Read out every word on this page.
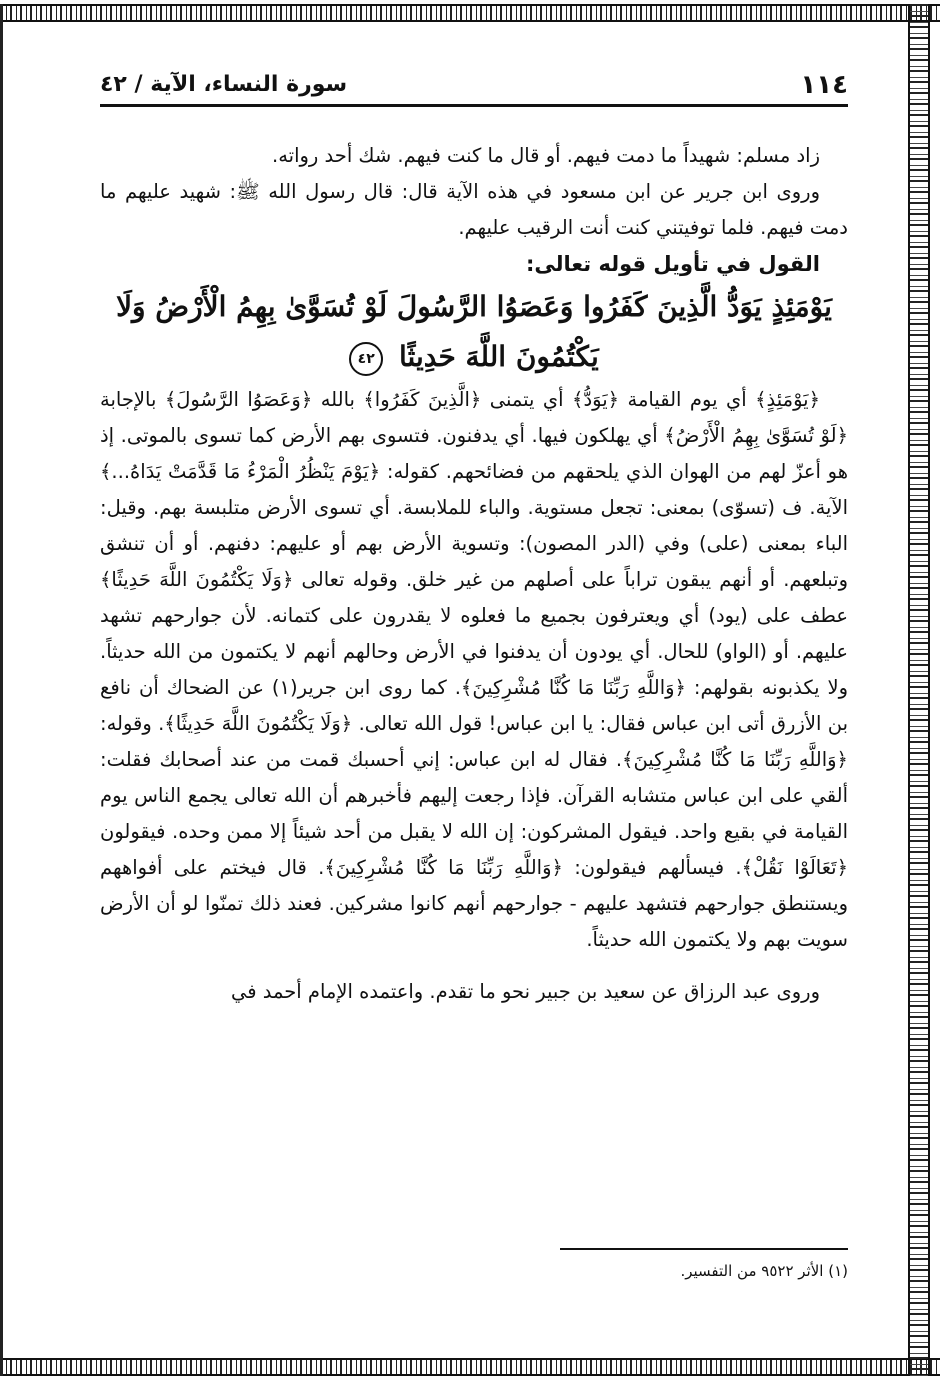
١١٤
سورة النساء، الآية / ٤٢

زاد مسلم: شهيداً ما دمت فيهم. أو قال ما كنت فيهم. شك أحد رواته.

وروى ابن جرير عن ابن مسعود في هذه الآية قال: قال رسول الله ﷺ: شهيد عليهم ما دمت فيهم. فلما توفيتني كنت أنت الرقيب عليهم.

القول في تأويل قوله تعالى:

يَوْمَئِذٍ يَوَدُّ الَّذِينَ كَفَرُوا وَعَصَوُا الرَّسُولَ لَوْ تُسَوَّىٰ بِهِمُ الْأَرْضُ وَلَا يَكْتُمُونَ اللَّهَ حَدِيثًا ٤٢

﴿يَوْمَئِذٍ﴾ أي يوم القيامة ﴿يَوَدُّ﴾ أي يتمنى ﴿الَّذِينَ كَفَرُوا﴾ بالله ﴿وَعَصَوُا الرَّسُولَ﴾ بالإجابة ﴿لَوْ تُسَوَّىٰ بِهِمُ الْأَرْضُ﴾ أي يهلكون فيها. أي يدفنون. فتسوى بهم الأرض كما تسوى بالموتى. إذ هو أعزّ لهم من الهوان الذي يلحقهم من فضائحهم. كقوله: ﴿يَوْمَ يَنْظُرُ الْمَرْءُ مَا قَدَّمَتْ يَدَاهُ...﴾ الآية. ف (تسوّى) بمعنى: تجعل مستوية. والباء للملابسة. أي تسوى الأرض متلبسة بهم. وقيل: الباء بمعنى (على) وفي (الدر المصون): وتسوية الأرض بهم أو عليهم: دفنهم. أو أن تنشق وتبلعهم. أو أنهم يبقون تراباً على أصلهم من غير خلق. وقوله تعالى ﴿وَلَا يَكْتُمُونَ اللَّهَ حَدِيثًا﴾ عطف على (يود) أي ويعترفون بجميع ما فعلوه لا يقدرون على كتمانه. لأن جوارحهم تشهد عليهم. أو (الواو) للحال. أي يودون أن يدفنوا في الأرض وحالهم أنهم لا يكتمون من الله حديثاً. ولا يكذبونه بقولهم: ﴿وَاللَّهِ رَبِّنَا مَا كُنَّا مُشْرِكِينَ﴾. كما روى ابن جرير(١) عن الضحاك أن نافع بن الأزرق أتى ابن عباس فقال: يا ابن عباس! قول الله تعالى. ﴿وَلَا يَكْتُمُونَ اللَّهَ حَدِيثًا﴾. وقوله: ﴿وَاللَّهِ رَبِّنَا مَا كُنَّا مُشْرِكِينَ﴾. فقال له ابن عباس: إني أحسبك قمت من عند أصحابك فقلت: ألقي على ابن عباس متشابه القرآن. فإذا رجعت إليهم فأخبرهم أن الله تعالى يجمع الناس يوم القيامة في بقيع واحد. فيقول المشركون: إن الله لا يقبل من أحد شيئاً إلا ممن وحده. فيقولون ﴿تَعَالَوْا نَقُلْ﴾. فيسألهم فيقولون: ﴿وَاللَّهِ رَبِّنَا مَا كُنَّا مُشْرِكِينَ﴾. قال فيختم على أفواههم ويستنطق جوارحهم فتشهد عليهم - جوارحهم أنهم كانوا مشركين. فعند ذلك تمنّوا لو أن الأرض سويت بهم ولا يكتمون الله حديثاً.

وروى عبد الرزاق عن سعيد بن جبير نحو ما تقدم. واعتمده الإمام أحمد في

(١) الأثر ٩٥٢٢ من التفسير.
